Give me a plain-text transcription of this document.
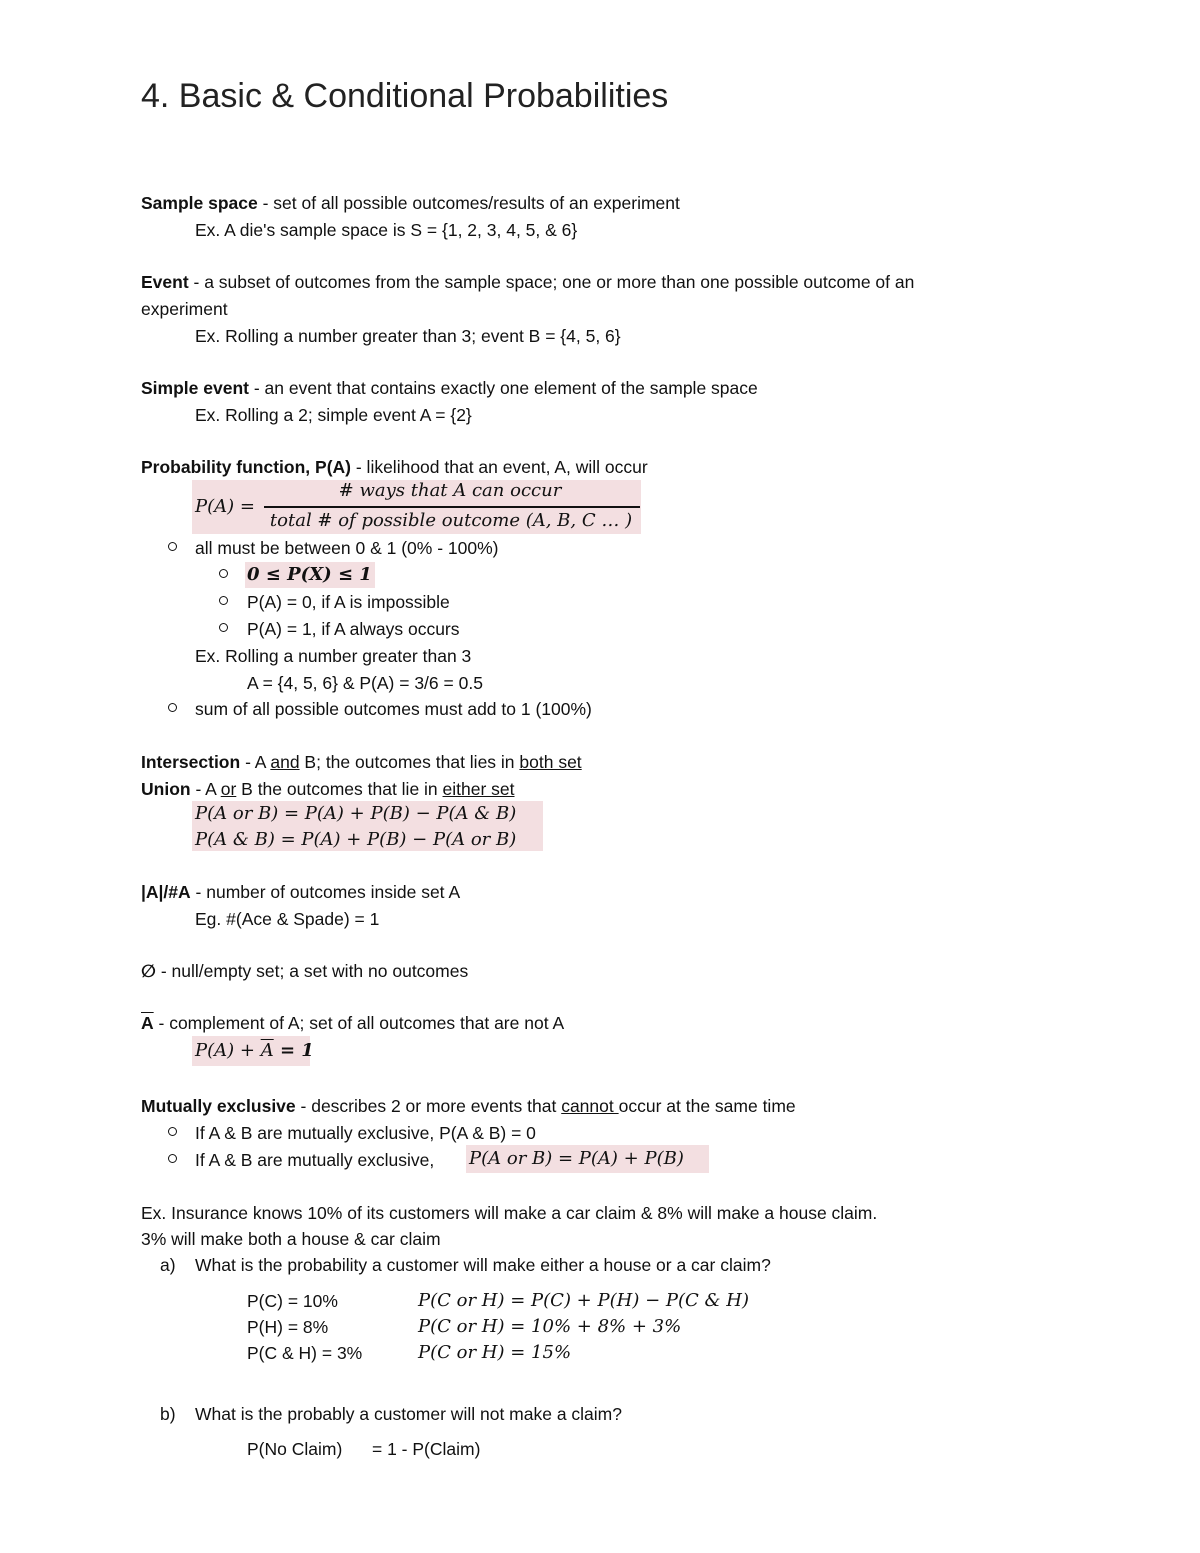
4. Basic & Conditional Probabilities
Sample space - set of all possible outcomes/results of an experiment
Ex. A die's sample space is S = {1, 2, 3, 4, 5, & 6}
Event - a subset of outcomes from the sample space; one or more than one possible outcome of an
experiment
Ex. Rolling a number greater than 3; event B = {4, 5, 6}
Simple event - an event that contains exactly one element of the sample space
Ex. Rolling a 2; simple event A = {2}
Probability function, P(A) - likelihood that an event, A, will occur
P(A) =
# ways that A can occur
total # of possible outcome (A, B, C … )
all must be between 0 & 1 (0% - 100%)
0 ≤ P(X) ≤ 1
P(A) = 0, if A is impossible
P(A) = 1, if A always occurs
Ex. Rolling a number greater than 3
A = {4, 5, 6} & P(A) = 3/6 = 0.5
sum of all possible outcomes must add to 1 (100%)
Intersection - A and B; the outcomes that lies in both set
Union - A or B the outcomes that lie in either set
P(A or B) = P(A) + P(B) − P(A & B)
P(A & B) = P(A) + P(B) − P(A or B)
|A|/#A - number of outcomes inside set A
Eg. #(Ace & Spade) = 1
∅ - null/empty set; a set with no outcomes
$\overline{A}$ - complement of A; set of all outcomes that are not A
$P(A) + \overline{A} = 1$
Mutually exclusive - describes 2 or more events that cannot occur at the same time
If A & B are mutually exclusive, P(A & B) = 0
If A & B are mutually exclusive, P(A or B) = P(A) + P(B)
Ex. Insurance knows 10% of its customers will make a car claim & 8% will make a house claim.
3% will make both a house & car claim
a) What is the probability a customer will make either a house or a car claim?
P(C) = 10%
P(H) = 8%
P(C & H) = 3%
P(C or H) = P(C) + P(H) − P(C & H)
P(C or H) = 10% + 8% + 3%
P(C or H) = 15%
b) What is the probably a customer will not make a claim?
P(No Claim) = 1 - P(Claim)
